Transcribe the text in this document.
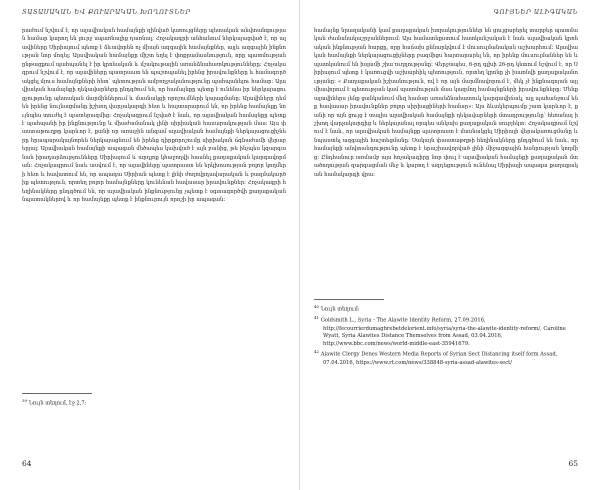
ՏԱՏԱՍԱԿԱՆ ԵՎ ՔՈՒԱՐԱԿԱՆ ԽՈՂՈՒՏՆԵՐ
րաժում նշվում է, որ ալավիական համայնքի զինված կառույցները պետական անվտանգության համար կարող են լուրջ սպառնալիք դառնալ։ Հռչակագրի անհանում ներկայացված է, որ ալավիները Սիրիայում պետք է ձևավորեն ոչ միայն ազգային համայնքներ, այլև ազգային ինքնության նոր մոդել։ Ալավիական համայնքը միշտ եղել է փոքրամասնություն, որը պատմության ընթացքում պահպանել է իր կրոնական և մշակութային առանձնահատկությունները։ Հռչակագրում նշվում է, որ ալավիները պատրաստ են պաշտպանել իրենց իրավունքները և համագործակցել մյուս համայնքների հետ՝ պետության ամբողջականությունը պահպանելու համար։ Ալավիական համայնքի ղեկավարները ընդգծում են, որ համայնքը պետք է ունենա իր ներկայացուցչությունը պետական մարմիններում և մասնակցի որոշումների կայացմանը։ Ալավիները դեմ են իրենց նույնացմանը իշխող վարչակարգի հետ և հայտարարում են, որ իրենց համայնքը նույնպես տուժել է պատերազմից։ Հռչակագրում նշված է նաև, որ ալավիական համայնքը պետք է պահպանի իր ինքնությունը և միաժամանակ լինի սիրիական հասարակության մաս։ Այս փաստաթուղթը կարևոր է, քանի որ առաջին անգամ ալավիական համայնքի ներկայացուցիչները հրապարակայնորեն ներկայացնում են իրենց դիրքորոշումը սիրիական ճգնաժամի վերաբերյալ։ Ալավիական համայնքի ապագան մեծապես կախված է այն բանից, թե ինչպես կզարգանան իրադարձությունները Սիրիայում և արդյոք կհաջողվի հասնել քաղաքական կարգավորման։ Հռչակագրում նաև ասվում է, որ ալավիները պատրաստ են երկխոսության բոլոր կողմերի հետ և հավատում են, որ ապագա Սիրիան պետք է լինի ժողովրդավարական և բազմակարծիք պետություն, որտեղ բոլոր համայնքները կունենան հավասար իրավունքներ։ Հռչակագրի հեղինակները ընդգծում են, որ ալավիական ինքնությունը չպետք է օգտագործվի քաղաքական նպատակներով և որ համայնքը պետք է ինքնուրույն որոշի իր ապագան։
$^{39}$ Նույն տեղում, էջ 2,7:
64
ԳՈՒՅՆԵՐ ԱԼԻԳԱԿԱՆ
համայնք նրազականի կամ քաղաքական խորակություններ են ցույցաբերել տարբեր պատմական ժամանակաշրջաններում։ Այս համատեքստում հատկանշական է նաև ալավիական կրոնական ինքնության հարցը, որը հաճախ քննարկվում է մուսուլմանական աշխարհում։ Ալավիական համայնքի ներկայացուցիչները բազմիցս հայտարարել են, որ իրենք մուսուլմաններ են և պատկանում են իսլամի շիա ուղղությանը։ Վերջապես, 6-րդ գլխի 26-րդ կետում նշվում է, որ Սիրիայում պետք է կառուցվի աշխարհիկ պետություն, որտեղ կրոնը չի խառնվի քաղաքականությանը։ « Քաղաքական իշխանություն, ով է որ այն մարմնավորում է, մեկ չէ ինքնագոյան այլ միավորում է պետության կամ պատմության մաս կազմող համայնքների իրավունքները։ Մենք ալավիներս չենք ցանկանում մեզ համար առանձնահատուկ կարգավիճակ, այլ պահանջում ենք հավասար իրավունքներ բոլոր սիրիացիների համար»։ Այս ձևակերպումը շատ կարևոր է, քանի որ այն ցույց է տալիս ալավիական համայնքի ղեկավարների մտադրությունը՝ հեռանալ իշխող վարչակարգից և ներկայանալ որպես անկախ քաղաքական սուբյեկտ։ Հռչակագրում նշվում է նաև, որ ալավիական համայնքը պատրաստ է մասնակցել Սիրիայի վերակառուցմանը և նպաստել ազգային հաշտեցմանը։ Սակայն փաստաթղթի հեղինակները ընդգծում են նաև, որ համայնքի անվտանգությունը պետք է երաշխավորված լինի միջազգային հանրության կողմից։ Ընդհանուր առմամբ այս հռչակագիրը նոր փուլ է ալավիական համայնքի քաղաքական մտածողության զարգացման մեջ և կարող է ազդեցություն ունենալ Սիրիայի ապագա քաղաքական համակարգի վրա։
$^{40}$ Նույն տեղում:
$^{41}$ Goldsmith L., Syria - The Alawite Identity Reform, 27.09.2016, http://fecourrierdumaghrebetdelorient.info/syria/syria-the-alawite-identity-reform/, Caroline Wyatt, Syria Alawites Distance Themselves from Assad, 03.04.2016, http://www.bbc.com/news/world-middle-east-35941679.
$^{42}$ Alawite Clergy Denes Western Media Reports of Syrian Sect Distancing itself form Assad, 07.04.2016, https://www.rt.com/news/338848-syria-assad-alawites-sect/
65
